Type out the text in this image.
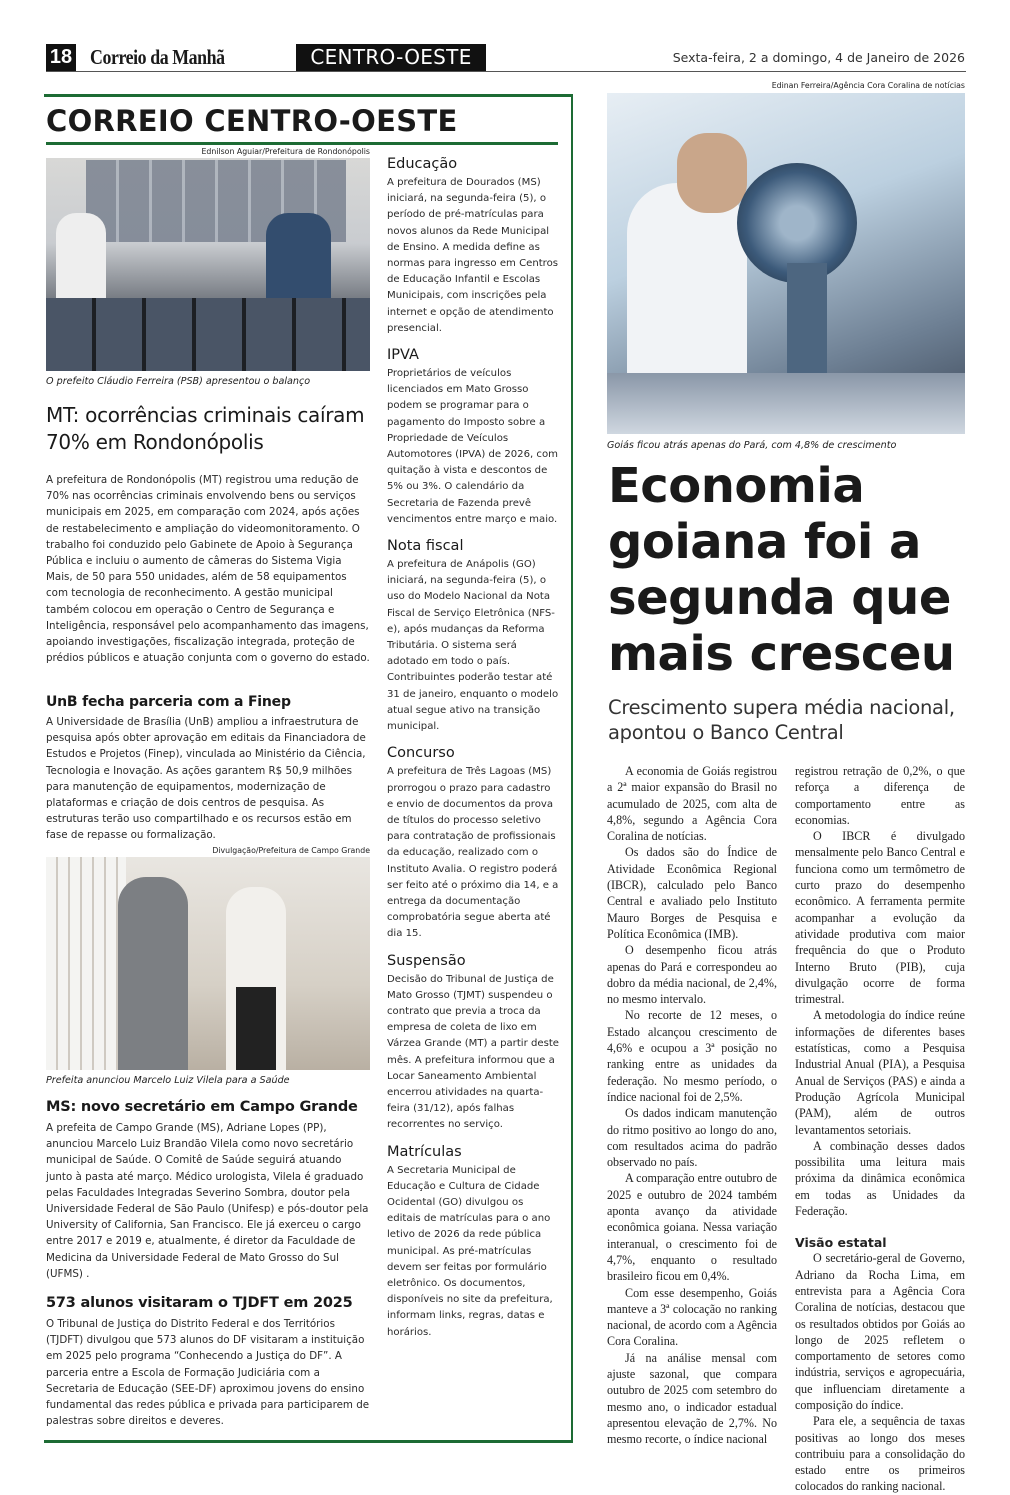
18 Correio da Manhã	CENTRO-OESTE	Sexta-feira, 2 a domingo, 4 de Janeiro de 2026
CORREIO CENTRO-OESTE
Ednilson Aguiar/Prefeitura de Rondonópolis
O prefeito Cláudio Ferreira (PSB) apresentou o balanço
MT: ocorrências criminais caíram 70% em Rondonópolis
A prefeitura de Rondonópolis (MT) registrou uma redução de 70% nas ocorrências criminais envolvendo bens ou serviços municipais em 2025, em comparação com 2024, após ações de restabelecimento e ampliação do videomonitoramento. O trabalho foi conduzido pelo Gabinete de Apoio à Segurança Pública e incluiu o aumento de câmeras do Sistema Vigia Mais, de 50 para 550 unidades, além de 58 equipamentos com tecnologia de reconhecimento. A gestão municipal também colocou em operação o Centro de Segurança e Inteligência, responsável pelo acompanhamento das imagens, apoiando investigações, fiscalização integrada, proteção de prédios públicos e atuação conjunta com o governo do estado.
UnB fecha parceria com a Finep
A Universidade de Brasília (UnB) ampliou a infraestrutura de pesquisa após obter aprovação em editais da Financiadora de Estudos e Projetos (Finep), vinculada ao Ministério da Ciência, Tecnologia e Inovação. As ações garantem R$ 50,9 milhões para manutenção de equipamentos, modernização de plataformas e criação de dois centros de pesquisa. As estruturas terão uso compartilhado e os recursos estão em fase de repasse ou formalização.
Divulgação/Prefeitura de Campo Grande
Prefeita anunciou Marcelo Luiz Vilela para a Saúde
MS: novo secretário em Campo Grande
A prefeita de Campo Grande (MS), Adriane Lopes (PP), anunciou Marcelo Luiz Brandão Vilela como novo secretário municipal de Saúde. O Comitê de Saúde seguirá atuando junto à pasta até março. Médico urologista, Vilela é graduado pelas Faculdades Integradas Severino Sombra, doutor pela Universidade Federal de São Paulo (Unifesp) e pós-doutor pela University of California, San Francisco. Ele já exerceu o cargo entre 2017 e 2019 e, atualmente, é diretor da Faculdade de Medicina da Universidade Federal de Mato Grosso do Sul (UFMS) .
573 alunos visitaram o TJDFT em 2025
O Tribunal de Justiça do Distrito Federal e dos Territórios (TJDFT) divulgou que 573 alunos do DF visitaram a instituição em 2025 pelo programa “Conhecendo a Justiça do DF”. A parceria entre a Escola de Formação Judiciária com a Secretaria de Educação (SEE-DF) aproximou jovens do ensino fundamental das redes pública e privada para participarem de palestras sobre direitos e deveres.
Educação
A prefeitura de Dourados (MS) iniciará, na segunda-feira (5), o período de pré-matrículas para novos alunos da Rede Municipal de Ensino. A medida define as normas para ingresso em Centros de Educação Infantil e Escolas Municipais, com inscrições pela internet e opção de atendimento presencial.
IPVA
Proprietários de veículos licenciados em Mato Grosso podem se programar para o pagamento do Imposto sobre a Propriedade de Veículos Automotores (IPVA) de 2026, com quitação à vista e descontos de 5% ou 3%. O calendário da Secretaria de Fazenda prevê vencimentos entre março e maio.
Nota fiscal
A prefeitura de Anápolis (GO) iniciará, na segunda-feira (5), o uso do Modelo Nacional da Nota Fiscal de Serviço Eletrônica (NFS-e), após mudanças da Reforma Tributária. O sistema será adotado em todo o país. Contribuintes poderão testar até 31 de janeiro, enquanto o modelo atual segue ativo na transição municipal.
Concurso
A prefeitura de Três Lagoas (MS) prorrogou o prazo para cadastro e envio de documentos da prova de títulos do processo seletivo para contratação de profissionais da educação, realizado com o Instituto Avalia. O registro poderá ser feito até o próximo dia 14, e a entrega da documentação comprobatória segue aberta até dia 15.
Suspensão
Decisão do Tribunal de Justiça de Mato Grosso (TJMT) suspendeu o contrato que previa a troca da empresa de coleta de lixo em Várzea Grande (MT) a partir deste mês. A prefeitura informou que a Locar Saneamento Ambiental encerrou atividades na quarta-feira (31/12), após falhas recorrentes no serviço.
Matrículas
A Secretaria Municipal de Educação e Cultura de Cidade Ocidental (GO) divulgou os editais de matrículas para o ano letivo de 2026 da rede pública municipal. As pré-matrículas devem ser feitas por formulário eletrônico. Os documentos, disponíveis no site da prefeitura, informam links, regras, datas e horários.
Edinan Ferreira/Agência Cora Coralina de notícias
Goiás ficou atrás apenas do Pará, com 4,8% de crescimento
Economia goiana foi a segunda que mais cresceu
Crescimento supera média nacional, apontou o Banco Central

A economia de Goiás registrou a 2ª maior expansão do Brasil no acumulado de 2025, com alta de 4,8%, segundo a Agência Cora Coralina de notícias.

Os dados são do Índice de Atividade Econômica Regional (IBCR), calculado pelo Banco Central e avaliado pelo Instituto Mauro Borges de Pesquisa e Política Econômica (IMB).

O desempenho ficou atrás apenas do Pará e correspondeu ao dobro da média nacional, de 2,4%, no mesmo intervalo.

No recorte de 12 meses, o Estado alcançou crescimento de 4,6% e ocupou a 3ª posição no ranking entre as unidades da federação. No mesmo período, o índice nacional foi de 2,5%.

Os dados indicam manutenção do ritmo positivo ao longo do ano, com resultados acima do padrão observado no país.

A comparação entre outubro de 2025 e outubro de 2024 também aponta avanço da atividade econômica goiana. Nessa variação interanual, o crescimento foi de 4,7%, enquanto o resultado brasileiro ficou em 0,4%.

Com esse desempenho, Goiás manteve a 3ª colocação no ranking nacional, de acordo com a Agência Cora Coralina.

Já na análise mensal com ajuste sazonal, que compara outubro de 2025 com setembro do mesmo ano, o indicador estadual apresentou elevação de 2,7%. No mesmo recorte, o índice nacional

registrou retração de 0,2%, o que reforça a diferença de comportamento entre as economias.

O IBCR é divulgado mensalmente pelo Banco Central e funciona como um termômetro de curto prazo do desempenho econômico. A ferramenta permite acompanhar a evolução da atividade produtiva com maior frequência do que o Produto Interno Bruto (PIB), cuja divulgação ocorre de forma trimestral.

A metodologia do índice reúne informações de diferentes bases estatísticas, como a Pesquisa Industrial Anual (PIA), a Pesquisa Anual de Serviços (PAS) e ainda a Produção Agrícola Municipal (PAM), além de outros levantamentos setoriais.

A combinação desses dados possibilita uma leitura mais próxima da dinâmica econômica em todas as Unidades da Federação.

Visão estatal

O secretário-geral de Governo, Adriano da Rocha Lima, em entrevista para a Agência Cora Coralina de notícias, destacou que os resultados obtidos por Goiás ao longo de 2025 refletem o comportamento de setores como indústria, serviços e agropecuária, que influenciam diretamente a composição do índice.

Para ele, a sequência de taxas positivas ao longo dos meses contribuiu para a consolidação do estado entre os primeiros colocados do ranking nacional.
